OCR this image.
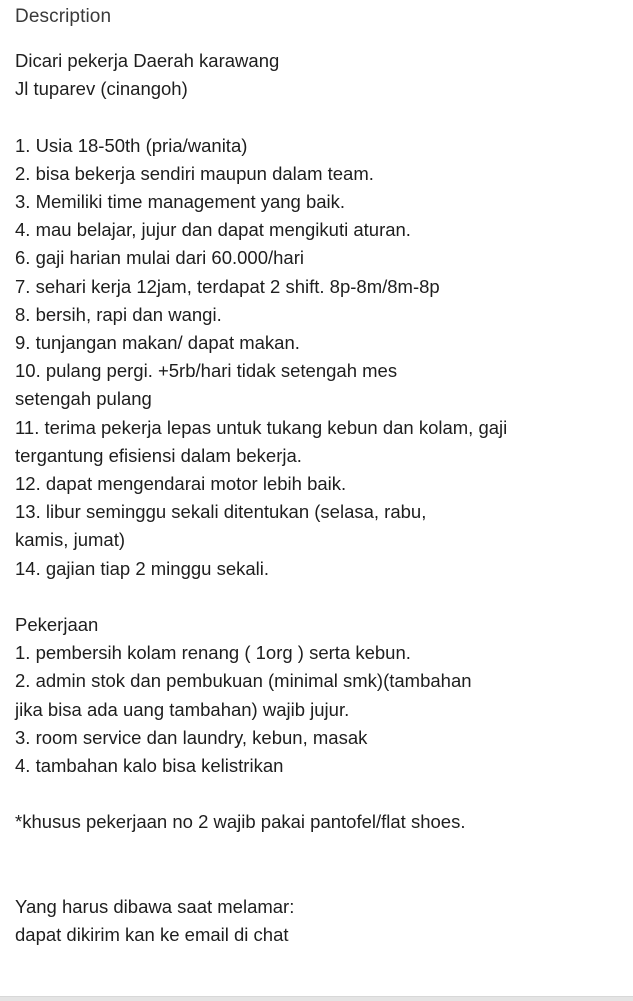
Description
Dicari pekerja Daerah karawang
Jl tuparev (cinangoh)
1. Usia 18-50th (pria/wanita)
2. bisa bekerja sendiri maupun dalam team.
3. Memiliki time management yang baik.
4. mau belajar, jujur dan dapat mengikuti aturan.
6. gaji harian mulai dari 60.000/hari
7. sehari kerja 12jam, terdapat 2 shift. 8p-8m/8m-8p
8. bersih, rapi dan wangi.
9. tunjangan makan/ dapat makan.
10. pulang pergi. +5rb/hari tidak setengah mes
setengah pulang
11. terima pekerja lepas untuk tukang kebun dan kolam, gaji
tergantung efisiensi dalam bekerja.
12. dapat mengendarai motor lebih baik.
13. libur seminggu sekali ditentukan (selasa, rabu,
kamis, jumat)
14. gajian tiap 2 minggu sekali.
Pekerjaan
1. pembersih kolam renang ( 1org ) serta kebun.
2. admin stok dan pembukuan (minimal smk)(tambahan
jika bisa ada uang tambahan) wajib jujur.
3. room service dan laundry, kebun, masak
4. tambahan kalo bisa kelistrikan
*khusus pekerjaan no 2 wajib pakai pantofel/flat shoes.
Yang harus dibawa saat melamar:
dapat dikirim kan ke email di chat
